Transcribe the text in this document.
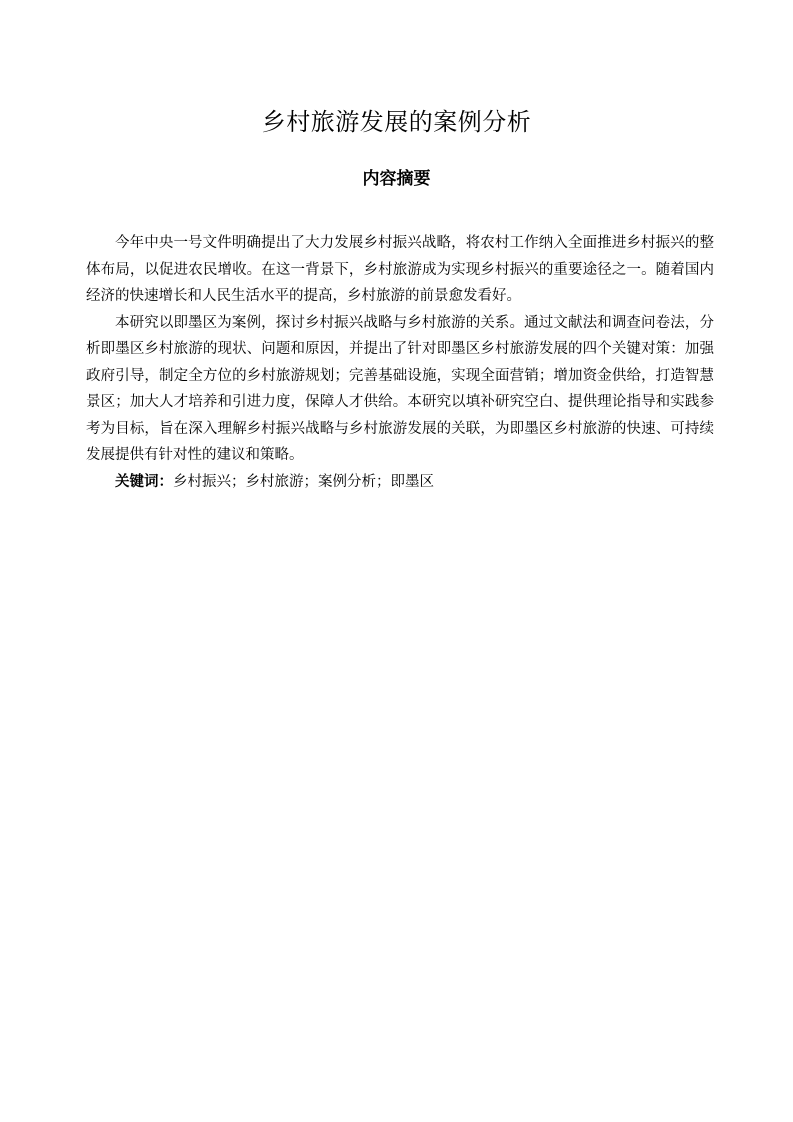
乡村旅游发展的案例分析
内容摘要

今年中央一号文件明确提出了大力发展乡村振兴战略，将农村工作纳入全面推进乡村振兴的整体布局，以促进农民增收。在这一背景下，乡村旅游成为实现乡村振兴的重要途径之一。随着国内经济的快速增长和人民生活水平的提高，乡村旅游的前景愈发看好。

本研究以即墨区为案例，探讨乡村振兴战略与乡村旅游的关系。通过文献法和调查问卷法，分析即墨区乡村旅游的现状、问题和原因，并提出了针对即墨区乡村旅游发展的四个关键对策：加强政府引导，制定全方位的乡村旅游规划；完善基础设施，实现全面营销；增加资金供给，打造智慧景区；加大人才培养和引进力度，保障人才供给。本研究以填补研究空白、提供理论指导和实践参考为目标，旨在深入理解乡村振兴战略与乡村旅游发展的关联，为即墨区乡村旅游的快速、可持续发展提供有针对性的建议和策略。

关键词：乡村振兴；乡村旅游；案例分析；即墨区
